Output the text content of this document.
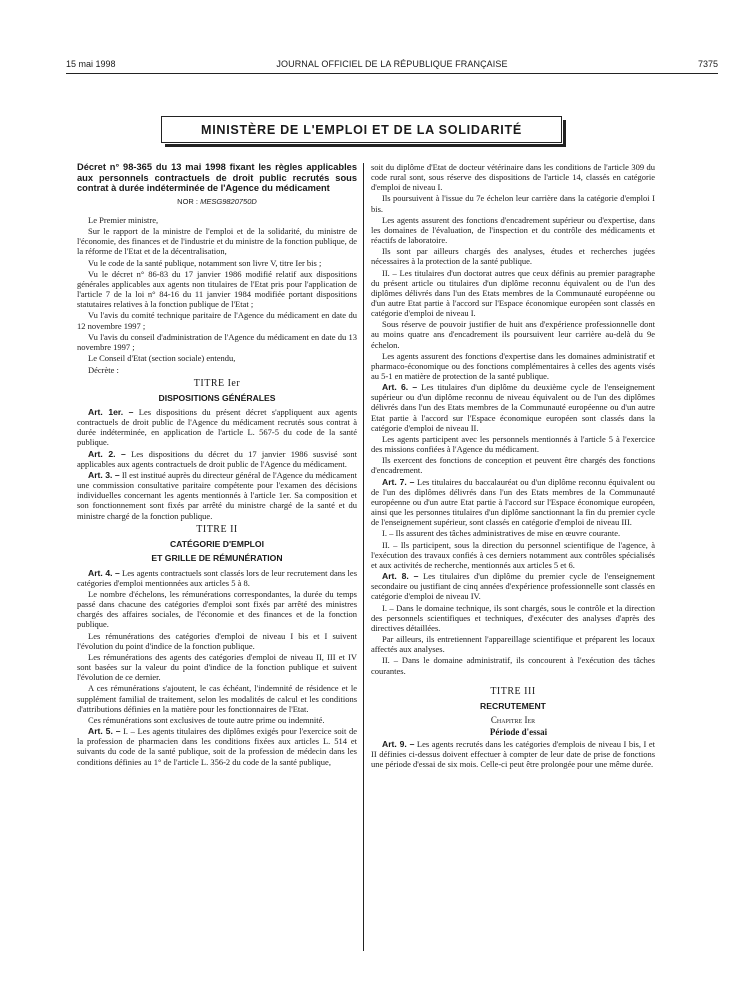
15 mai 1998	JOURNAL OFFICIEL DE LA RÉPUBLIQUE FRANÇAISE	7375
MINISTÈRE DE L'EMPLOI ET DE LA SOLIDARITÉ
Décret n° 98-365 du 13 mai 1998 fixant les règles applicables aux personnels contractuels de droit public recrutés sous contrat à durée indéterminée de l'Agence du médicament
NOR : MESG9820750D

Le Premier ministre,

Sur le rapport de la ministre de l'emploi et de la solidarité, du ministre de l'économie, des finances et de l'industrie et du ministre de la fonction publique, de la réforme de l'Etat et de la décentralisation,

Vu le code de la santé publique, notamment son livre V, titre Ier bis ;

Vu le décret n° 86-83 du 17 janvier 1986 modifié relatif aux dispositions générales applicables aux agents non titulaires de l'Etat pris pour l'application de l'article 7 de la loi n° 84-16 du 11 janvier 1984 modifiée portant dispositions statutaires relatives à la fonction publique de l'Etat ;

Vu l'avis du comité technique paritaire de l'Agence du médicament en date du 12 novembre 1997 ;

Vu l'avis du conseil d'administration de l'Agence du médicament en date du 13 novembre 1997 ;

Le Conseil d'Etat (section sociale) entendu,

Décrète :

TITRE Ier
DISPOSITIONS GÉNÉRALES

Art. 1er. – Les dispositions du présent décret s'appliquent aux agents contractuels de droit public de l'Agence du médicament recrutés sous contrat à durée indéterminée, en application de l'article L. 567-5 du code de la santé publique.

Art. 2. – Les dispositions du décret du 17 janvier 1986 susvisé sont applicables aux agents contractuels de droit public de l'Agence du médicament.

Art. 3. – Il est institué auprès du directeur général de l'Agence du médicament une commission consultative paritaire compétente pour l'examen des décisions individuelles concernant les agents mentionnés à l'article 1er. Sa composition et son fonctionnement sont fixés par arrêté du ministre chargé de la santé et du ministre chargé de la fonction publique.

TITRE II
CATÉGORIE D'EMPLOI
ET GRILLE DE RÉMUNÉRATION

Art. 4. – Les agents contractuels sont classés lors de leur recrutement dans les catégories d'emploi mentionnées aux articles 5 à 8.

Le nombre d'échelons, les rémunérations correspondantes, la durée du temps passé dans chacune des catégories d'emploi sont fixés par arrêté des ministres chargés des affaires sociales, de l'économie et des finances et de la fonction publique.

Les rémunérations des catégories d'emploi de niveau I bis et I suivent l'évolution du point d'indice de la fonction publique.

Les rémunérations des agents des catégories d'emploi de niveau II, III et IV sont basées sur la valeur du point d'indice de la fonction publique et suivent l'évolution de ce dernier.

A ces rémunérations s'ajoutent, le cas échéant, l'indemnité de résidence et le supplément familial de traitement, selon les modalités de calcul et les conditions d'attributions définies en la matière pour les fonctionnaires de l'Etat.

Ces rémunérations sont exclusives de toute autre prime ou indemnité.

Art. 5. – I. – Les agents titulaires des diplômes exigés pour l'exercice soit de la profession de pharmacien dans les conditions fixées aux articles L. 514 et suivants du code de la santé publique, soit de la profession de médecin dans les conditions définies au 1° de l'article L. 356-2 du code de la santé publique,

soit du diplôme d'Etat de docteur vétérinaire dans les conditions de l'article 309 du code rural sont, sous réserve des dispositions de l'article 14, classés en catégorie d'emploi de niveau I.

Ils poursuivent à l'issue du 7e échelon leur carrière dans la catégorie d'emploi I bis.

Les agents assurent des fonctions d'encadrement supérieur ou d'expertise, dans les domaines de l'évaluation, de l'inspection et du contrôle des médicaments et réactifs de laboratoire.

Ils sont par ailleurs chargés des analyses, études et recherches jugées nécessaires à la protection de la santé publique.

II. – Les titulaires d'un doctorat autres que ceux définis au premier paragraphe du présent article ou titulaires d'un diplôme reconnu équivalent ou de l'un des diplômes délivrés dans l'un des Etats membres de la Communauté européenne ou d'un autre Etat partie à l'accord sur l'Espace économique européen sont classés en catégorie d'emploi de niveau I.

Sous réserve de pouvoir justifier de huit ans d'expérience professionnelle dont au moins quatre ans d'encadrement ils poursuivent leur carrière au-delà du 9e échelon.

Les agents assurent des fonctions d'expertise dans les domaines administratif et pharmaco-économique ou des fonctions complémentaires à celles des agents visés au 5-1 en matière de protection de la santé publique.

Art. 6. – Les titulaires d'un diplôme du deuxième cycle de l'enseignement supérieur ou d'un diplôme reconnu de niveau équivalent ou de l'un des diplômes délivrés dans l'un des Etats membres de la Communauté européenne ou d'un autre Etat partie à l'accord sur l'Espace économique européen sont classés dans la catégorie d'emploi de niveau II.

Les agents participent avec les personnels mentionnés à l'article 5 à l'exercice des missions confiées à l'Agence du médicament.

Ils exercent des fonctions de conception et peuvent être chargés des fonctions d'encadrement.

Art. 7. – Les titulaires du baccalauréat ou d'un diplôme reconnu équivalent ou de l'un des diplômes délivrés dans l'un des Etats membres de la Communauté européenne ou d'un autre Etat partie à l'accord sur l'Espace économique européen, ainsi que les personnes titulaires d'un diplôme sanctionnant la fin du premier cycle de l'enseignement supérieur, sont classés en catégorie d'emploi de niveau III.

I. – Ils assurent des tâches administratives de mise en œuvre courante.

II. – Ils participent, sous la direction du personnel scientifique de l'agence, à l'exécution des travaux confiés à ces derniers notamment aux contrôles spécialisés et aux activités de recherche, mentionnés aux articles 5 et 6.

Art. 8. – Les titulaires d'un diplôme du premier cycle de l'enseignement secondaire ou justifiant de cinq années d'expérience professionnelle sont classés en catégorie d'emploi de niveau IV.

I. – Dans le domaine technique, ils sont chargés, sous le contrôle et la direction des personnels scientifiques et techniques, d'exécuter des analyses d'après des directives détaillées.

Par ailleurs, ils entretiennent l'appareillage scientifique et préparent les locaux affectés aux analyses.

II. – Dans le domaine administratif, ils concourent à l'exécution des tâches courantes.

TITRE III
RECRUTEMENT
Chapitre Ier

Période d'essai

Art. 9. – Les agents recrutés dans les catégories d'emplois de niveau I bis, I et II définies ci-dessus doivent effectuer à compter de leur date de prise de fonctions une période d'essai de six mois. Celle-ci peut être prolongée pour une même durée.
